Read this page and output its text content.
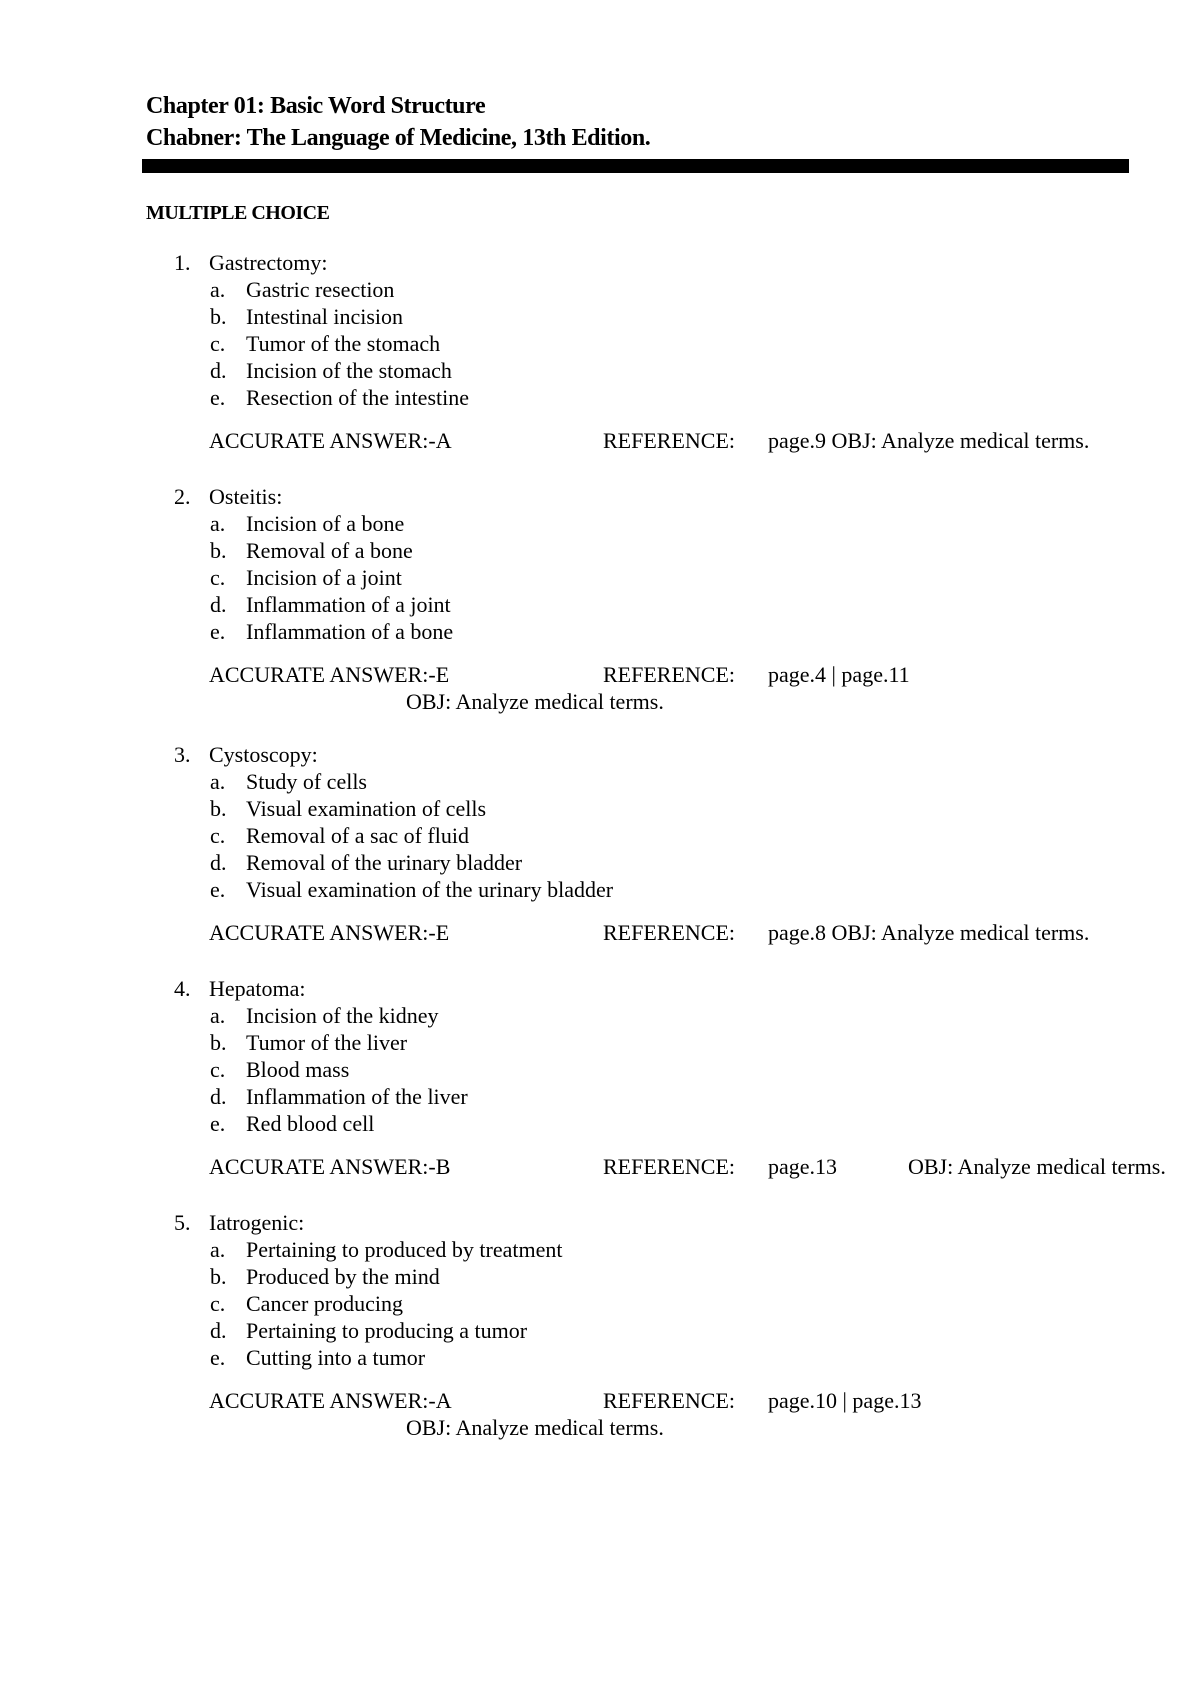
Chapter 01: Basic Word Structure
Chabner: The Language of Medicine, 13th Edition.
MULTIPLE CHOICE
1. Gastrectomy:
a. Gastric resection
b. Intestinal incision
c. Tumor of the stomach
d. Incision of the stomach
e. Resection of the intestine
ACCURATE ANSWER:-A	REFERENCE: page.9 OBJ: Analyze medical terms.
2. Osteitis:
a. Incision of a bone
b. Removal of a bone
c. Incision of a joint
d. Inflammation of a joint
e. Inflammation of a bone
ACCURATE ANSWER:-E	REFERENCE: page.4 | page.11
OBJ: Analyze medical terms.
3. Cystoscopy:
a. Study of cells
b. Visual examination of cells
c. Removal of a sac of fluid
d. Removal of the urinary bladder
e. Visual examination of the urinary bladder
ACCURATE ANSWER:-E	REFERENCE: page.8 OBJ: Analyze medical terms.
4. Hepatoma:
a. Incision of the kidney
b. Tumor of the liver
c. Blood mass
d. Inflammation of the liver
e. Red blood cell
ACCURATE ANSWER:-B	REFERENCE: page.13	OBJ: Analyze medical terms.
5. Iatrogenic:
a. Pertaining to produced by treatment
b. Produced by the mind
c. Cancer producing
d. Pertaining to producing a tumor
e. Cutting into a tumor
ACCURATE ANSWER:-A	REFERENCE: page.10 | page.13
OBJ: Analyze medical terms.
